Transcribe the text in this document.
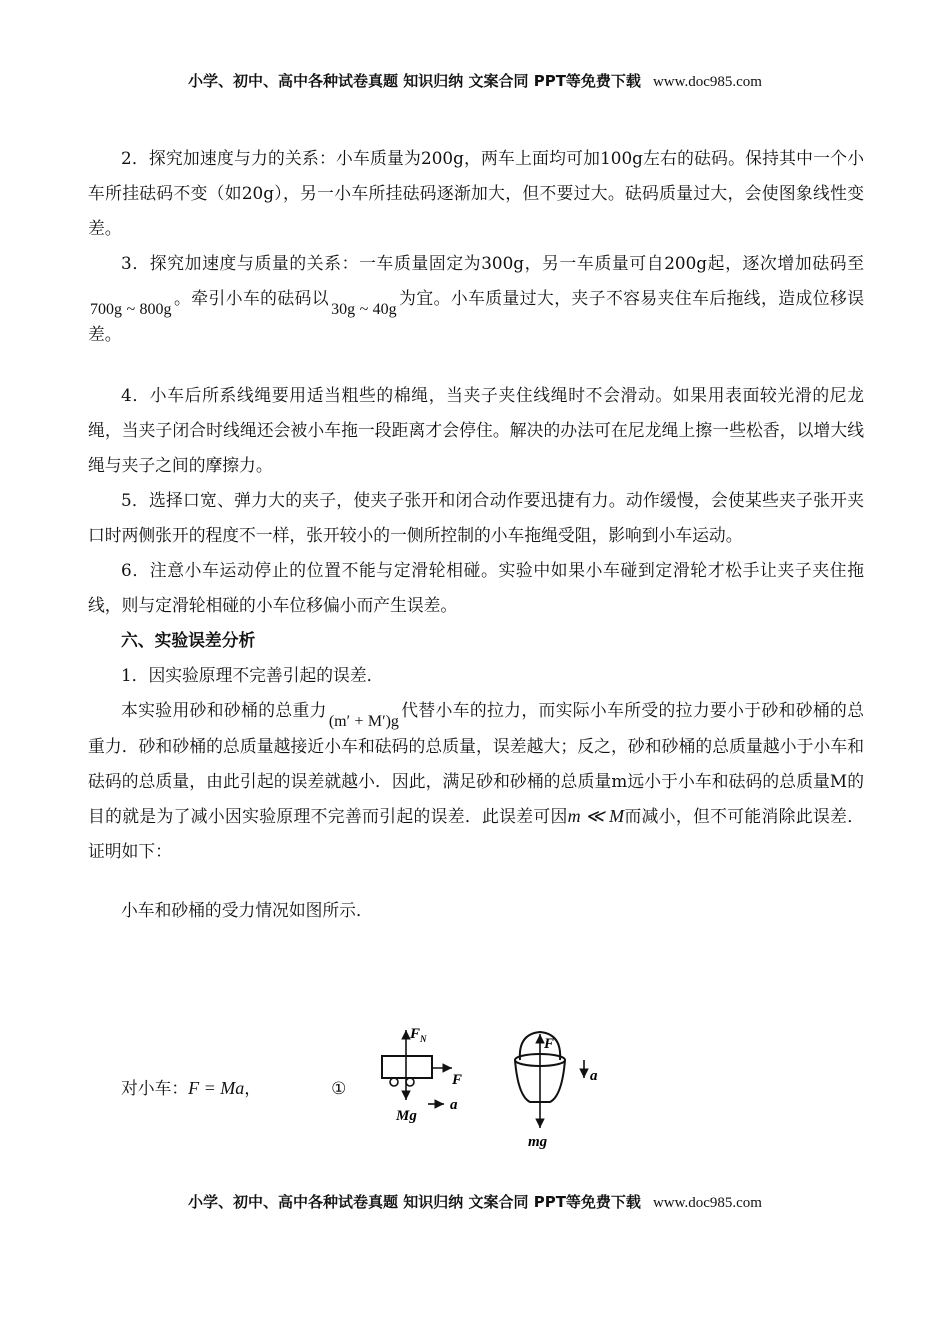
小学、初中、高中各种试卷真题 知识归纳 文案合同 PPT等免费下载 www.doc985.com

2．探究加速度与力的关系：小车质量为200g，两车上面均可加100g左右的砝码。保持其中一个小车所挂砝码不变（如20g），另一小车所挂砝码逐渐加大，但不要过大。砝码质量过大，会使图象线性变差。

3．探究加速度与质量的关系：一车质量固定为300g，另一车质量可自200g起，逐次增加砝码至700g ~ 800g。牵引小车的砝码以30g ~ 40g为宜。小车质量过大，夹子不容易夹住车后拖线，造成位移误差。

4．小车后所系线绳要用适当粗些的棉绳，当夹子夹住线绳时不会滑动。如果用表面较光滑的尼龙绳，当夹子闭合时线绳还会被小车拖一段距离才会停住。解决的办法可在尼龙绳上擦一些松香，以增大线绳与夹子之间的摩擦力。

5．选择口宽、弹力大的夹子，使夹子张开和闭合动作要迅捷有力。动作缓慢，会使某些夹子张开夹口时两侧张开的程度不一样，张开较小的一侧所控制的小车拖绳受阻，影响到小车运动。

6．注意小车运动停止的位置不能与定滑轮相碰。实验中如果小车碰到定滑轮才松手让夹子夹住拖线，则与定滑轮相碰的小车位移偏小而产生误差。

六、实验误差分析

1．因实验原理不完善引起的误差．

本实验用砂和砂桶的总重力(m′ + M′)g代替小车的拉力，而实际小车所受的拉力要小于砂和砂桶的总重力．砂和砂桶的总质量越接近小车和砝码的总质量，误差越大；反之，砂和砂桶的总质量越小于小车和砝码的总质量，由此引起的误差就越小．因此，满足砂和砂桶的总质量m远小于小车和砝码的总质量M的目的就是为了减小因实验原理不完善而引起的误差．此误差可因m ≪ M而减小，但不可能消除此误差．证明如下：

小车和砂桶的受力情况如图所示．

对小车：F = Ma，	①

$F_N$
F
Mg
a
F
a
mg
小学、初中、高中各种试卷真题 知识归纳 文案合同 PPT等免费下载 www.doc985.com
